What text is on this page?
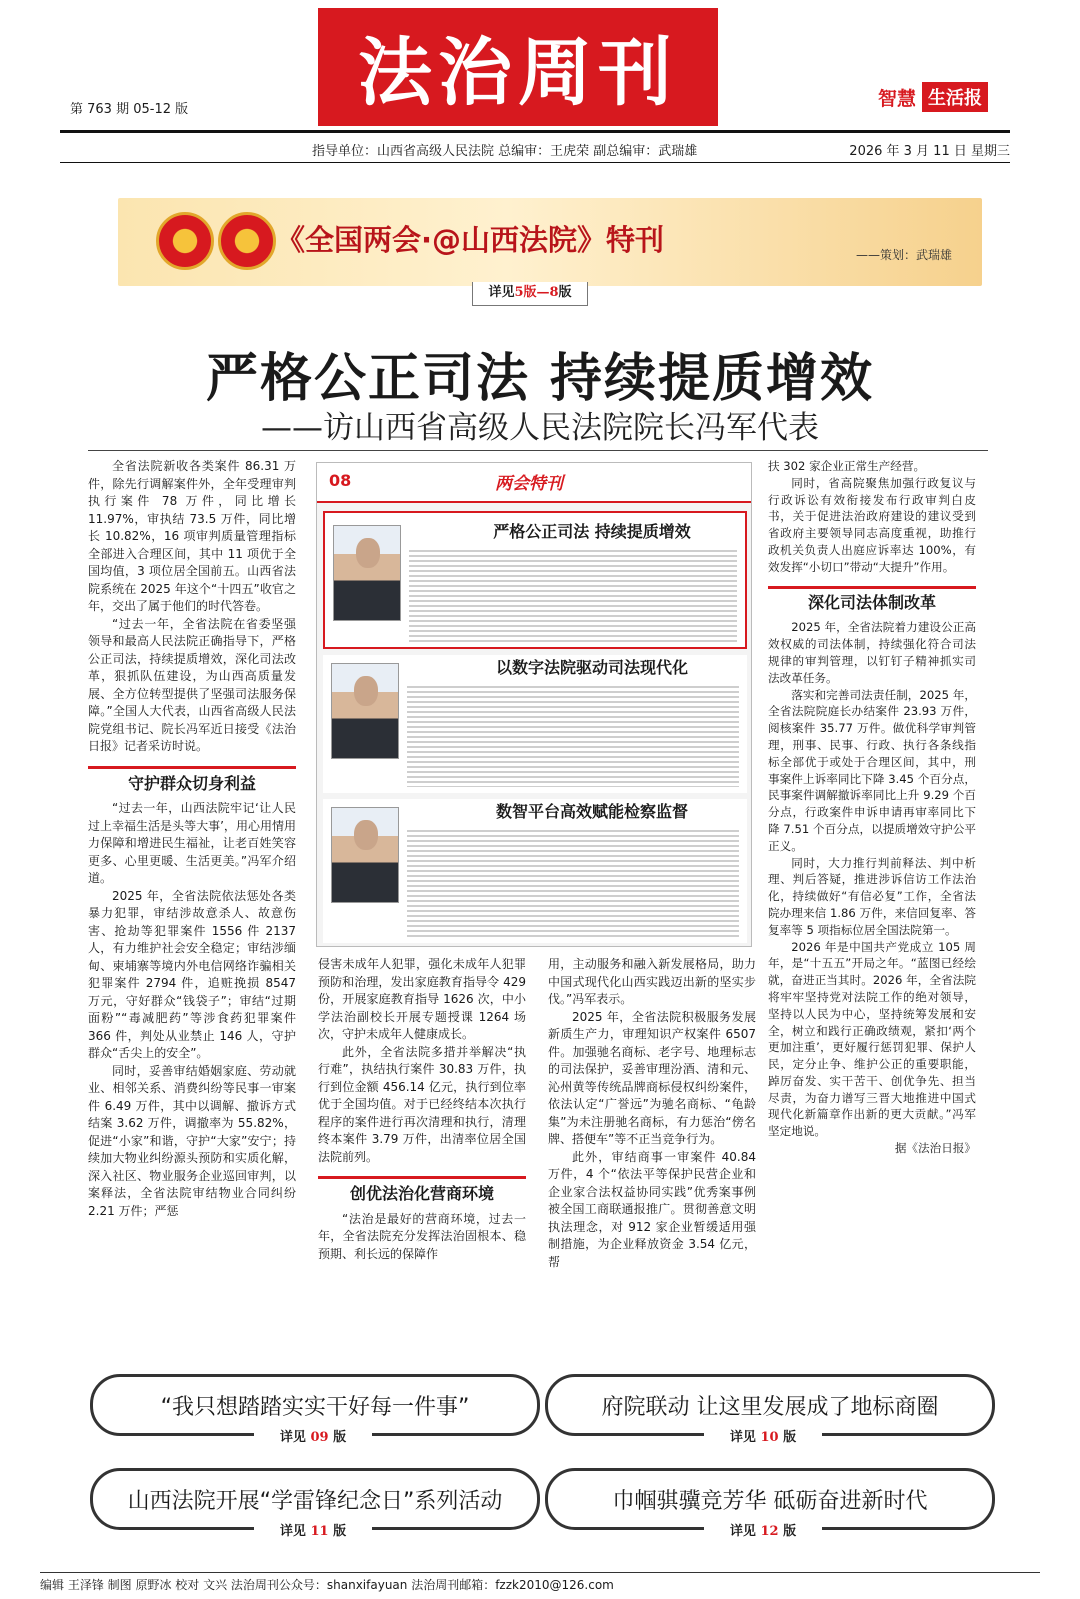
法治周刊
第 763 期 05-12 版	智慧 生活报
指导单位：山西省高级人民法院 总编审：王虎荣 副总编审：武瑞雄	2026 年 3 月 11 日 星期三
《全国两会·@山西法院》特刊	——策划：武瑞雄
详见5版—8版
严格公正司法 持续提质增效
——访山西省高级人民法院院长冯军代表

全省法院新收各类案件 86.31 万件，除先行调解案件外，全年受理审判执行案件 78 万件，同比增长 11.97%，审执结 73.5 万件，同比增长 10.82%，16 项审判质量管理指标全部进入合理区间，其中 11 项优于全国均值，3 项位居全国前五。山西省法院系统在 2025 年这个“十四五”收官之年，交出了属于他们的时代答卷。

“过去一年，全省法院在省委坚强领导和最高人民法院正确指导下，严格公正司法，持续提质增效，深化司法改革，狠抓队伍建设，为山西高质量发展、全方位转型提供了坚强司法服务保障。”全国人大代表，山西省高级人民法院党组书记、院长冯军近日接受《法治日报》记者采访时说。

守护群众切身利益

“过去一年，山西法院牢记‘让人民过上幸福生活是头等大事’，用心用情用力保障和增进民生福祉，让老百姓笑容更多、心里更暖、生活更美。”冯军介绍道。

2025 年，全省法院依法惩处各类暴力犯罪，审结涉故意杀人、故意伤害、抢劫等犯罪案件 1556 件 2137 人，有力维护社会安全稳定；审结涉缅甸、柬埔寨等境内外电信网络诈骗相关犯罪案件 2794 件，追赃挽损 8547 万元，守好群众“钱袋子”；审结“过期面粉”“毒减肥药”等涉食药犯罪案件 366 件，判处从业禁止 146 人，守护群众“舌尖上的安全”。

同时，妥善审结婚姻家庭、劳动就业、相邻关系、消费纠纷等民事一审案件 6.49 万件，其中以调解、撤诉方式结案 3.62 万件，调撤率为 55.82%，促进“小家”和谐，守护“大家”安宁；持续加大物业纠纷源头预防和实质化解，深入社区、物业服务企业巡回审判，以案释法，全省法院审结物业合同纠纷 2.21 万件；严惩

08	两会特刊
严格公正司法 持续提质增效
以数字法院驱动司法现代化
数智平台高效赋能检察监督

侵害未成年人犯罪，强化未成年人犯罪预防和治理，发出家庭教育指导令 429 份，开展家庭教育指导 1626 次，中小学法治副校长开展专题授课 1264 场次，守护未成年人健康成长。

此外，全省法院多措并举解决“执行难”，执结执行案件 30.83 万件，执行到位金额 456.14 亿元，执行到位率优于全国均值。对于已经终结本次执行程序的案件进行再次清理和执行，清理终本案件 3.79 万件，出清率位居全国法院前列。

创优法治化营商环境

“法治是最好的营商环境，过去一年，全省法院充分发挥法治固根本、稳预期、利长远的保障作

用，主动服务和融入新发展格局，助力中国式现代化山西实践迈出新的坚实步伐。”冯军表示。

2025 年，全省法院积极服务发展新质生产力，审理知识产权案件 6507 件。加强驰名商标、老字号、地理标志的司法保护，妥善审理汾酒、清和元、沁州黄等传统品牌商标侵权纠纷案件，依法认定“广誉远”为驰名商标、“龟龄集”为未注册驰名商标，有力惩治“傍名牌、搭便车”等不正当竞争行为。

此外，审结商事一审案件 40.84 万件，4 个“依法平等保护民营企业和企业家合法权益协同实践”优秀案事例被全国工商联通报推广。贯彻善意文明执法理念，对 912 家企业暂缓适用强制措施，为企业释放资金 3.54 亿元，帮

扶 302 家企业正常生产经营。

同时，省高院聚焦加强行政复议与行政诉讼有效衔接发布行政审判白皮书，关于促进法治政府建设的建议受到省政府主要领导同志高度重视，助推行政机关负责人出庭应诉率达 100%，有效发挥“小切口”带动“大提升”作用。

深化司法体制改革

2025 年，全省法院着力建设公正高效权威的司法体制，持续强化符合司法规律的审判管理，以钉钉子精神抓实司法改革任务。

落实和完善司法责任制，2025 年，全省法院院庭长办结案件 23.93 万件，阅核案件 35.77 万件。做优科学审判管理，刑事、民事、行政、执行各条线指标全部优于或处于合理区间，其中，刑事案件上诉率同比下降 3.45 个百分点，民事案件调解撤诉率同比上升 9.29 个百分点，行政案件申诉申请再审率同比下降 7.51 个百分点，以提质增效守护公平正义。

同时，大力推行判前释法、判中析理、判后答疑，推进涉诉信访工作法治化，持续做好“有信必复”工作，全省法院办理来信 1.86 万件，来信回复率、答复率等 5 项指标位居全国法院第一。

2026 年是中国共产党成立 105 周年，是“十五五”开局之年。“蓝图已经绘就，奋进正当其时。2026 年，全省法院将牢牢坚持党对法院工作的绝对领导，坚持以人民为中心，坚持统筹发展和安全，树立和践行正确政绩观，紧扣‘两个更加注重’，更好履行惩罚犯罪、保护人民，定分止争、维护公正的重要职能，踔厉奋发、实干苦干、创优争先、担当尽责，为奋力谱写三晋大地推进中国式现代化新篇章作出新的更大贡献。”冯军坚定地说。

据《法治日报》
“我只想踏踏实实干好每一件事”
详见 09 版
府院联动 让这里发展成了地标商圈
详见 10 版
山西法院开展“学雷锋纪念日”系列活动
详见 11 版
巾帼骐骥竞芳华 砥砺奋进新时代
详见 12 版
编辑 王泽锋 制图 原野冰 校对 文兴 法治周刊公众号：shanxifayuan 法治周刊邮箱：fzzk2010@126.com
